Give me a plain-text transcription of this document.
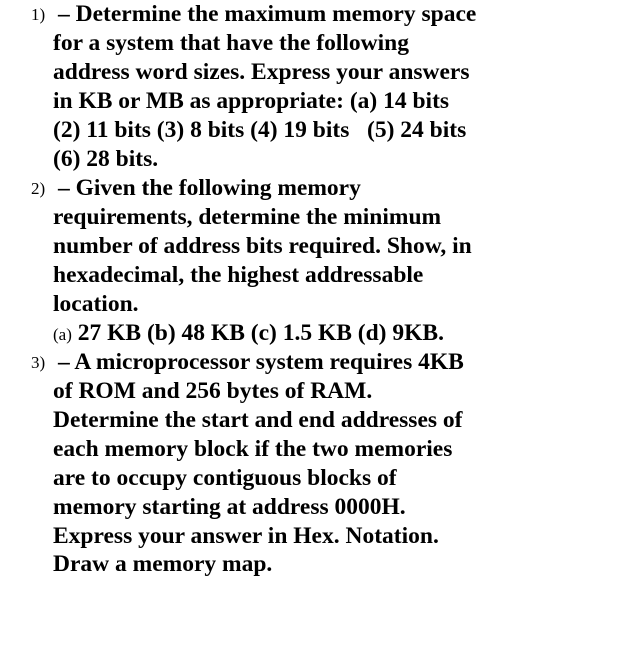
1) – Determine the maximum memory space
for a system that have the following
address word sizes. Express your answers
in KB or MB as appropriate: (a) 14 bits
(2) 11 bits (3) 8 bits (4) 19 bits   (5) 24 bits
(6) 28 bits.
2) – Given the following memory
requirements, determine the minimum
number of address bits required. Show, in
hexadecimal, the highest addressable
location.
(a) 27 KB (b) 48 KB (c) 1.5 KB (d) 9KB.
3) – A microprocessor system requires 4KB
of ROM and 256 bytes of RAM.
Determine the start and end addresses of
each memory block if the two memories
are to occupy contiguous blocks of
memory starting at address 0000H.
Express your answer in Hex. Notation.
Draw a memory map.
